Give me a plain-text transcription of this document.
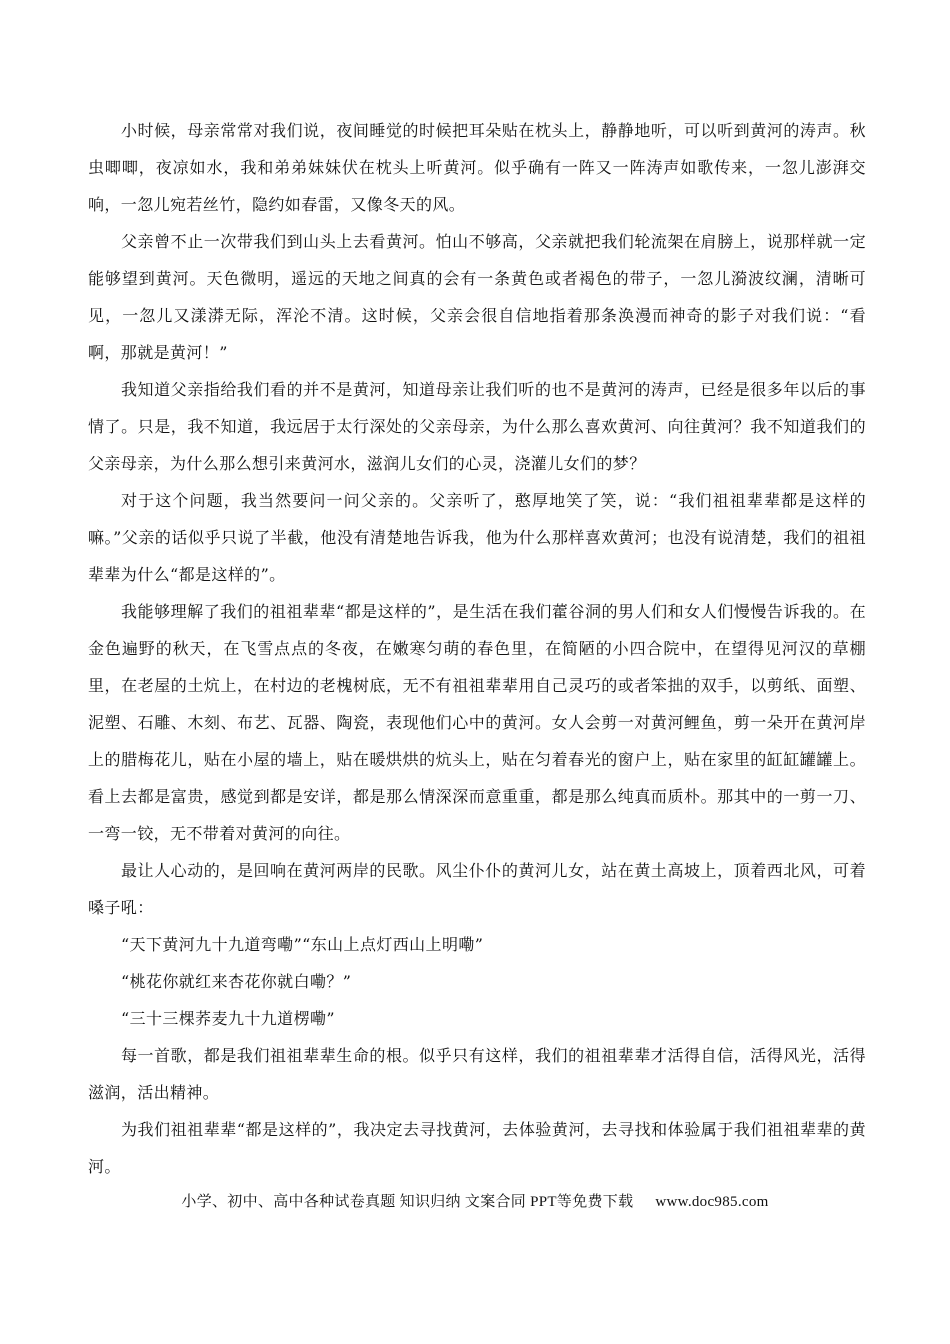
小时候，母亲常常对我们说，夜间睡觉的时候把耳朵贴在枕头上，静静地听，可以听到黄河的涛声。秋虫唧唧，夜凉如水，我和弟弟妹妹伏在枕头上听黄河。似乎确有一阵又一阵涛声如歌传来，一忽儿澎湃交响，一忽儿宛若丝竹，隐约如春雷，又像冬天的风。

父亲曾不止一次带我们到山头上去看黄河。怕山不够高，父亲就把我们轮流架在肩膀上，说那样就一定能够望到黄河。天色微明，遥远的天地之间真的会有一条黄色或者褐色的带子，一忽儿漪波纹澜，清晰可见，一忽儿又漾漭无际，浑沦不清。这时候，父亲会很自信地指着那条涣漫而神奇的影子对我们说：“看啊，那就是黄河！”

我知道父亲指给我们看的并不是黄河，知道母亲让我们听的也不是黄河的涛声，已经是很多年以后的事情了。只是，我不知道，我远居于太行深处的父亲母亲，为什么那么喜欢黄河、向往黄河？我不知道我们的父亲母亲，为什么那么想引来黄河水，滋润儿女们的心灵，浇灌儿女们的梦？

对于这个问题，我当然要问一问父亲的。父亲听了，憨厚地笑了笑，说：“我们祖祖辈辈都是这样的嘛。”父亲的话似乎只说了半截，他没有清楚地告诉我，他为什么那样喜欢黄河；也没有说清楚，我们的祖祖辈辈为什么“都是这样的”。

我能够理解了我们的祖祖辈辈“都是这样的”，是生活在我们藿谷洞的男人们和女人们慢慢告诉我的。在金色遍野的秋天，在飞雪点点的冬夜，在嫩寒匀萌的春色里，在简陋的小四合院中，在望得见河汉的草棚里，在老屋的土炕上，在村边的老槐树底，无不有祖祖辈辈用自己灵巧的或者笨拙的双手，以剪纸、面塑、泥塑、石雕、木刻、布艺、瓦器、陶瓷，表现他们心中的黄河。女人会剪一对黄河鲤鱼，剪一朵开在黄河岸上的腊梅花儿，贴在小屋的墙上，贴在暖烘烘的炕头上，贴在匀着春光的窗户上，贴在家里的缸缸罐罐上。看上去都是富贵，感觉到都是安详，都是那么情深深而意重重，都是那么纯真而质朴。那其中的一剪一刀、一弯一铰，无不带着对黄河的向往。

最让人心动的，是回响在黄河两岸的民歌。风尘仆仆的黄河儿女，站在黄土高坡上，顶着西北风，可着嗓子吼：

“天下黄河九十九道弯嘞”“东山上点灯西山上明嘞”

“桃花你就红来杏花你就白嘞？”

“三十三棵荞麦九十九道楞嘞”

每一首歌，都是我们祖祖辈辈生命的根。似乎只有这样，我们的祖祖辈辈才活得自信，活得风光，活得滋润，活出精神。

为我们祖祖辈辈“都是这样的”，我决定去寻找黄河，去体验黄河，去寻找和体验属于我们祖祖辈辈的黄河。

小学、初中、高中各种试卷真题 知识归纳 文案合同 PPT等免费下载 www.doc985.com
